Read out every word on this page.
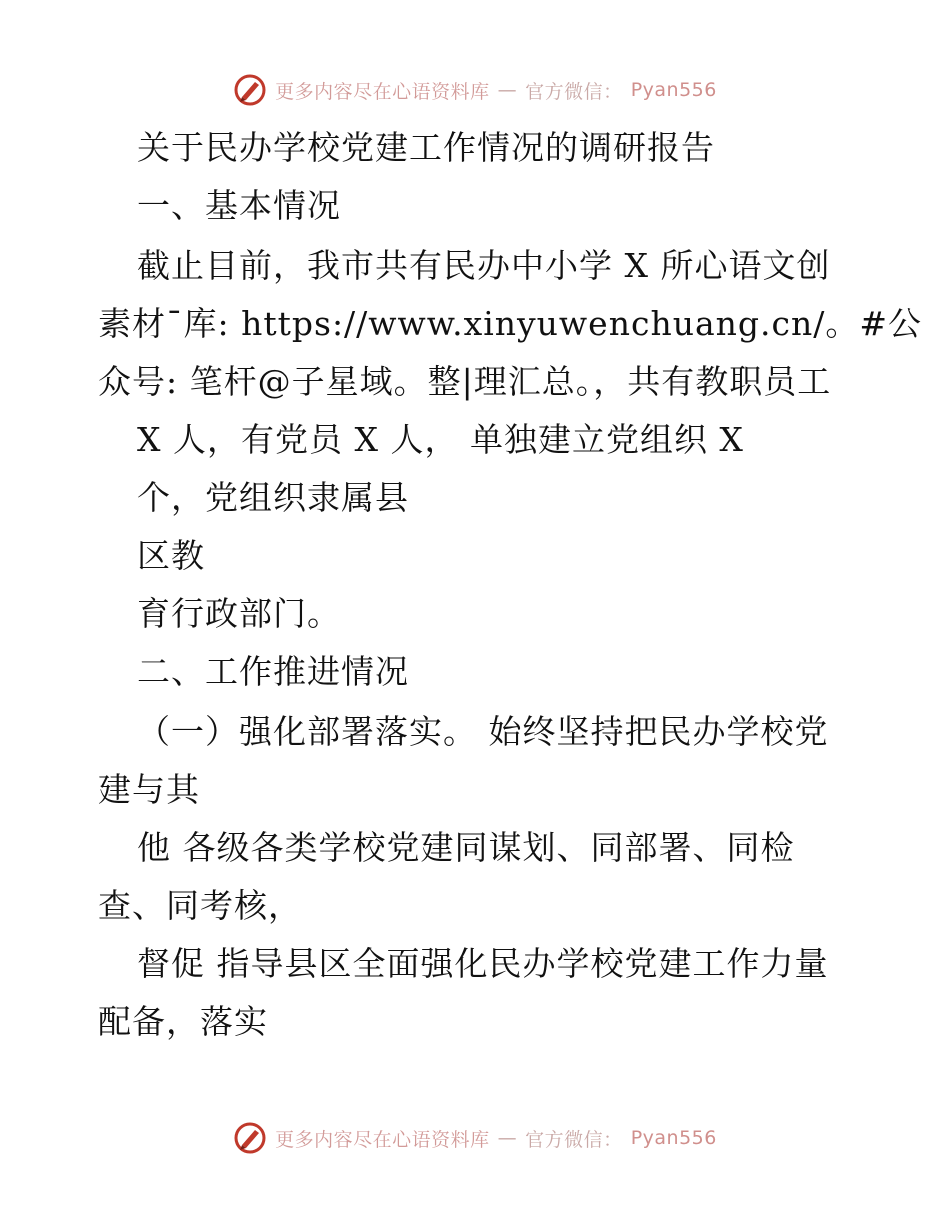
更多内容尽在心语资料库 — 官方微信： Pyan556
关于民办学校党建工作情况的调研报告
一、基本情况
截止目前，我市共有民办中小学 X 所心语文创
素材¯库: https://www.xinyuwenchuang.cn/。#公
众号: 笔杆@子星域。整|理汇总。，共有教职员工
X 人，有党员 X 人， 单独建立党组织 X
个，党组织隶属县
区教
育行政部门。
二、工作推进情况
（一）强化部署落实。 始终坚持把民办学校党
建与其
他 各级各类学校党建同谋划、同部署、同检
查、同考核，
督促 指导县区全面强化民办学校党建工作力量
配备，落实
更多内容尽在心语资料库 — 官方微信： Pyan556
